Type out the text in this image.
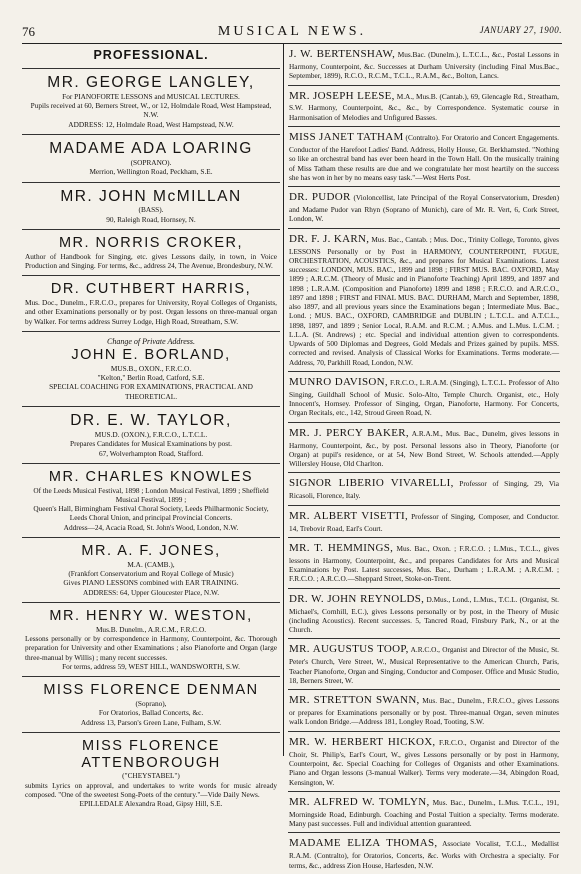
76	MUSICAL NEWS.	JANUARY 27, 1900.
PROFESSIONAL.
MR. GEORGE LANGLEY,
For PIANOFORTE LESSONS and MUSICAL LECTURES.
Pupils received at 60, Berners Street, W., or 12, Holmdale Road, West Hampstead, N.W.
ADDRESS: 12, Holmdale Road, West Hampstead, N.W.
MADAME ADA LOARING
(SOPRANO).
Merrion, Wellington Road, Peckham, S.E.
MR. JOHN McMILLAN
(BASS).
90, Raleigh Road, Hornsey, N.
MR. NORRIS CROKER,
Author of Handbook for Singing, etc. gives Lessons daily, in town, in Voice Production and Singing. For terms, &c., address 24, The Avenue, Brondesbury, N.W.
DR. CUTHBERT HARRIS,
Mus. Doc., Dunelm., F.R.C.O., prepares for University, Royal Colleges of Organists, and other Examinations personally or by post. Organ lessons on three-manual organ by Walker. For terms address Surrey Lodge, High Road, Streatham, S.W.
Change of Private Address.
JOHN E. BORLAND,
MUS.B., OXON., F.R.C.O.
"Kelton," Berlin Road, Catford, S.E.
SPECIAL COACHING FOR EXAMINATIONS, PRACTICAL AND THEORETICAL.
DR. E. W. TAYLOR,
MUS.D. (OXON.), F.R.C.O., L.T.C.L.
Prepares Candidates for Musical Examinations by post.
67, Wolverhampton Road, Stafford.
MR. CHARLES KNOWLES
Of the Leeds Musical Festival, 1898 ; London Musical Festival, 1899 ; Sheffield Musical Festival, 1899 ;
Queen's Hall, Birmingham Festival Choral Society, Leeds Philharmonic Society, Leeds Choral Union, and principal Provincial Concerts.
Address—24, Acacia Road, St. John's Wood, London, N.W.
MR. A. F. JONES,
M.A. (CAMB.),
(Frankfort Conservatorium and Royal College of Music)
Gives PIANO LESSONS combined with EAR TRAINING.
ADDRESS: 64, Upper Gloucester Place, N.W.
MR. HENRY W. WESTON,
Mus.B. Dunelm., A.R.C.M., F.R.C.O.
Lessons personally or by correspondence in Harmony, Counterpoint, &c. Thorough preparation for University and other Examinations ; also Pianoforte and Organ (large three-manual by Willis) ; many recent successes.
For terms, address 59, WEST HILL, WANDSWORTH, S.W.
MISS FLORENCE DENMAN
(Soprano),
For Oratorios, Ballad Concerts, &c.
Address 13, Parson's Green Lane, Fulham, S.W.
MISS FLORENCE ATTENBOROUGH
("CHEYSTABEL")
submits Lyrics on approval, and undertakes to write words for music already composed. "One of the sweetest Song-Poets of the century."—Vide Daily News.
EPILLEDALE Alexandra Road, Gipsy Hill, S.E.
J. W. BERTENSHAW, Mus.Bac. (Dunelm.), L.T.C.L., &c., Postal Lessons in Harmony, Counterpoint, &c. Successes at Durham University (including Final Mus.Bac., September, 1899), R.C.O., R.C.M., T.C.L., R.A.M., &c., Bolton, Lancs.
MR. JOSEPH LEESE, M.A., Mus.B. (Cantab.), 69, Glencagle Rd., Streatham, S.W. Harmony, Counterpoint, &c., &c., by Correspondence. Systematic course in Harmonisation of Melodies and Unfigured Basses.
MISS JANET TATHAM (Contralto). For Oratorio and Concert Engagements. Conductor of the Harefoot Ladies' Band. Address, Holly House, Gt. Berkhamsted. "Nothing so like an orchestral band has ever been heard in the Town Hall. On the musically training of Miss Tatham these results are due and we congratulate her most heartily on the success she has won in her by no means easy task."—West Herts Post.
DR. PUDOR (Violoncellist, late Principal of the Royal Conservatorium, Dresden) and Madame Pudor van Rhyn (Soprano of Munich), care of Mr. R. Vert, 6, Cork Street, London, W.
DR. F. J. KARN, Mus. Bac., Cantab. ; Mus. Doc., Trinity College, Toronto, gives LESSONS Personally or by Post in HARMONY, COUNTERPOINT, FUGUE, ORCHESTRATION, ACOUSTICS, &c., and prepares for Musical Examinations. Latest successes: LONDON, MUS. BAC., 1899 and 1898 ; FIRST MUS. BAC. OXFORD, May 1899 ; A.R.C.M. (Theory of Music and in Pianoforte Teaching) April 1899, and 1897 and 1898 ; L.R.A.M. (Composition and Pianoforte) 1899 and 1898 ; F.R.C.O. and A.R.C.O., 1897 and 1898 ; FIRST and FINAL MUS. BAC. DURHAM, March and September, 1898, also 1897, and all previous years since the Examinations began ; Intermediate Mus. Bac., Lond. ; MUS. BAC., OXFORD, CAMBRIDGE and DUBLIN ; L.T.C.L. and A.T.C.L., 1898, 1897, and 1899 ; Senior Local, R.A.M. and R.C.M. ; A.Mus. and L.Mus. L.C.M. ; L.L.A. (St. Andrews) ; etc. Special and individual attention given to correspondents. Upwards of 500 Diplomas and Degrees, Gold Medals and Prizes gained by pupils. MSS. corrected and revised. Analysis of Classical Works for Examinations. Terms moderate.—Address, 70, Parkhill Road, London, N.W.
MUNRO DAVISON, F.R.C.O., L.R.A.M. (Singing), L.T.C.L. Professor of Alto Singing, Guildhall School of Music. Solo-Alto, Temple Church. Organist, etc., Holy Innocent's, Hornsey. Professor of Singing, Organ, Pianoforte, Harmony. For Concerts, Organ Recitals, etc., 142, Stroud Green Road, N.
MR. J. PERCY BAKER, A.R.A.M., Mus. Bac., Dunelm, gives lessons in Harmony, Counterpoint, &c., by post. Personal lessons also in Theory, Pianoforte (or Organ) at pupil's residence, or at 54, New Bond Street, W. Schools attended.—Apply Willersley House, Old Charlton.
SIGNOR LIBERIO VIVARELLI, Professor of Singing, 29, Via Ricasoli, Florence, Italy.
MR. ALBERT VISETTI, Professor of Singing, Composer, and Conductor. 14, Trebovir Road, Earl's Court.
MR. T. HEMMINGS, Mus. Bac., Oxon. ; F.R.C.O. ; L.Mus., T.C.L., gives lessons in Harmony, Counterpoint, &c., and prepares Candidates for Arts and Musical Examinations by Post. Latest successes, Mus. Bac., Durham ; L.R.A.M. ; A.R.C.M. ; F.R.C.O. ; A.R.C.O.—Sheppard Street, Stoke-on-Trent.
DR. W. JOHN REYNOLDS, D.Mus., Lond., L.Mus., T.C.L. (Organist, St. Michael's, Cornhill, E.C.), gives Lessons personally or by post, in the Theory of Music (including Acoustics). Recent successes. 5, Tancred Road, Finsbury Park, N., or at the Church.
MR. AUGUSTUS TOOP, A.R.C.O., Organist and Director of the Music, St. Peter's Church, Vere Street, W., Musical Representative to the American Church, Paris, Teacher Pianoforte, Organ and Singing, Conductor and Composer. Office and Music Studio, 18, Berners Street, W.
MR. STRETTON SWANN, Mus. Bac., Dunelm., F.R.C.O., gives Lessons or prepares for Examinations personally or by post. Three-manual Organ, seven minutes walk London Bridge.—Address 181, Longley Road, Tooting, S.W.
MR. W. HERBERT HICKOX, F.R.C.O., Organist and Director of the Choir, St. Philip's, Earl's Court, W., gives Lessons personally or by post in Harmony, Counterpoint, &c. Special Coaching for Colleges of Organists and other Examinations. Piano and Organ lessons (3-manual Walker). Terms very moderate.—34, Abingdon Road, Kensington, W.
MR. ALFRED W. TOMLYN, Mus. Bac., Dunelm., L.Mus. T.C.L., 191, Morningside Road, Edinburgh. Coaching and Postal Tuition a specialty. Terms moderate. Many past successes. Full and individual attention guaranteed.
MADAME ELIZA THOMAS, Associate Vocalist, T.C.L., Medallist R.A.M. (Contralto), for Oratorios, Concerts, &c. Works with Orchestra a specialty. For terms, &c., address Zion House, Harlesden, N.W.
